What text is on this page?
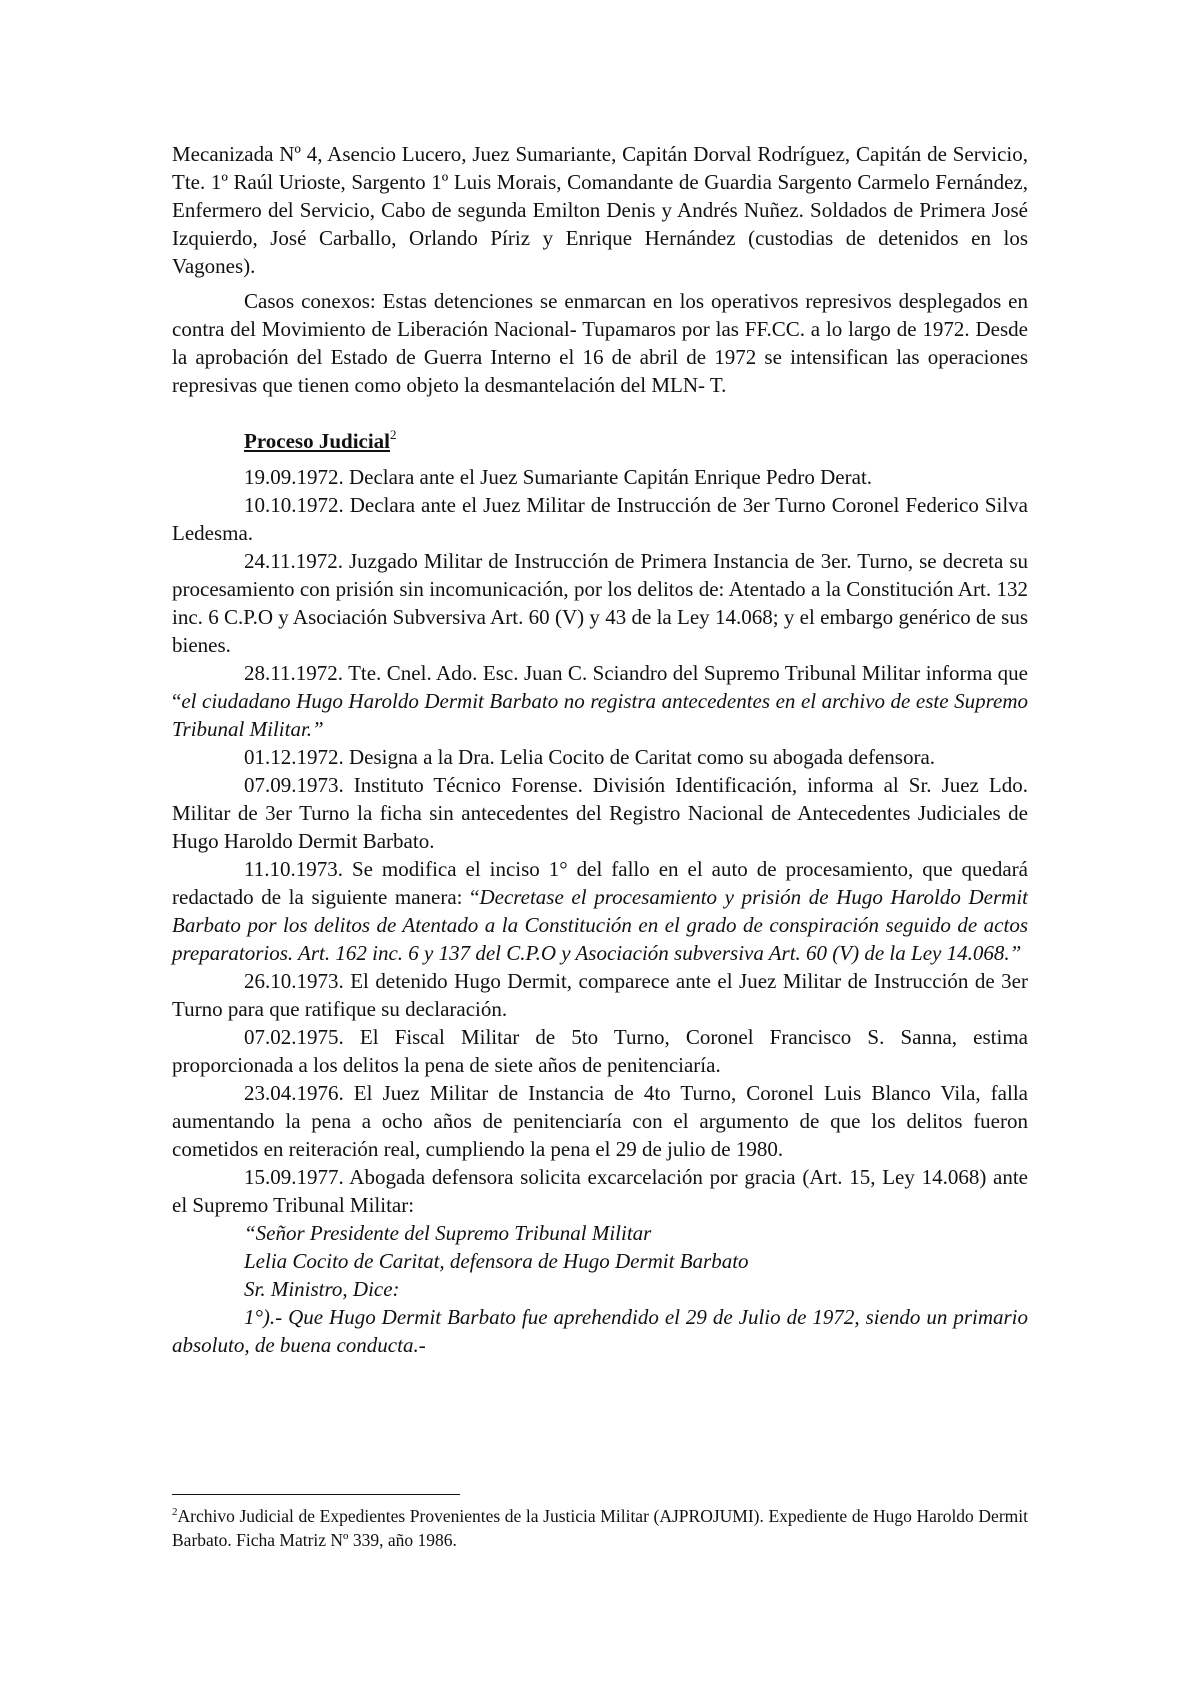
Mecanizada Nº 4, Asencio Lucero, Juez Sumariante, Capitán Dorval Rodríguez, Capitán de Servicio, Tte. 1º Raúl Urioste, Sargento 1º Luis Morais, Comandante de Guardia Sargento Carmelo Fernández, Enfermero del Servicio, Cabo de segunda Emilton Denis y Andrés Nuñez. Soldados de Primera José Izquierdo, José Carballo, Orlando Píriz y Enrique Hernández (custodias de detenidos en los Vagones).

Casos conexos: Estas detenciones se enmarcan en los operativos represivos desplegados en contra del Movimiento de Liberación Nacional- Tupamaros por las FF.CC. a lo largo de 1972. Desde la aprobación del Estado de Guerra Interno el 16 de abril de 1972 se intensifican las operaciones represivas que tienen como objeto la desmantelación del MLN- T.

Proceso Judicial$^2$

19.09.1972. Declara ante el Juez Sumariante Capitán Enrique Pedro Derat.

10.10.1972. Declara ante el Juez Militar de Instrucción de 3er Turno Coronel Federico Silva Ledesma.

24.11.1972. Juzgado Militar de Instrucción de Primera Instancia de 3er. Turno, se decreta su procesamiento con prisión sin incomunicación, por los delitos de: Atentado a la Constitución Art. 132 inc. 6 C.P.O y Asociación Subversiva Art. 60 (V) y 43 de la Ley 14.068; y el embargo genérico de sus bienes.

28.11.1972. Tte. Cnel. Ado. Esc. Juan C. Sciandro del Supremo Tribunal Militar informa que “el ciudadano Hugo Haroldo Dermit Barbato no registra antecedentes en el archivo de este Supremo Tribunal Militar.”

01.12.1972. Designa a la Dra. Lelia Cocito de Caritat como su abogada defensora.

07.09.1973. Instituto Técnico Forense. División Identificación, informa al Sr. Juez Ldo. Militar de 3er Turno la ficha sin antecedentes del Registro Nacional de Antecedentes Judiciales de Hugo Haroldo Dermit Barbato.

11.10.1973. Se modifica el inciso 1° del fallo en el auto de procesamiento, que quedará redactado de la siguiente manera: “Decretase el procesamiento y prisión de Hugo Haroldo Dermit Barbato por los delitos de Atentado a la Constitución en el grado de conspiración seguido de actos preparatorios. Art. 162 inc. 6 y 137 del C.P.O y Asociación subversiva Art. 60 (V) de la Ley 14.068.”

26.10.1973. El detenido Hugo Dermit, comparece ante el Juez Militar de Instrucción de 3er Turno para que ratifique su declaración.

07.02.1975. El Fiscal Militar de 5to Turno, Coronel Francisco S. Sanna, estima proporcionada a los delitos la pena de siete años de penitenciaría.

23.04.1976. El Juez Militar de Instancia de 4to Turno, Coronel Luis Blanco Vila, falla aumentando la pena a ocho años de penitenciaría con el argumento de que los delitos fueron cometidos en reiteración real, cumpliendo la pena el 29 de julio de 1980.

15.09.1977. Abogada defensora solicita excarcelación por gracia (Art. 15, Ley 14.068) ante el Supremo Tribunal Militar:

“Señor Presidente del Supremo Tribunal Militar

Lelia Cocito de Caritat, defensora de Hugo Dermit Barbato

Sr. Ministro, Dice:

1°).- Que Hugo Dermit Barbato fue aprehendido el 29 de Julio de 1972, siendo un primario absoluto, de buena conducta.-

$^2$Archivo Judicial de Expedientes Provenientes de la Justicia Militar (AJPROJUMI). Expediente de Hugo Haroldo Dermit Barbato. Ficha Matriz Nº 339, año 1986.
